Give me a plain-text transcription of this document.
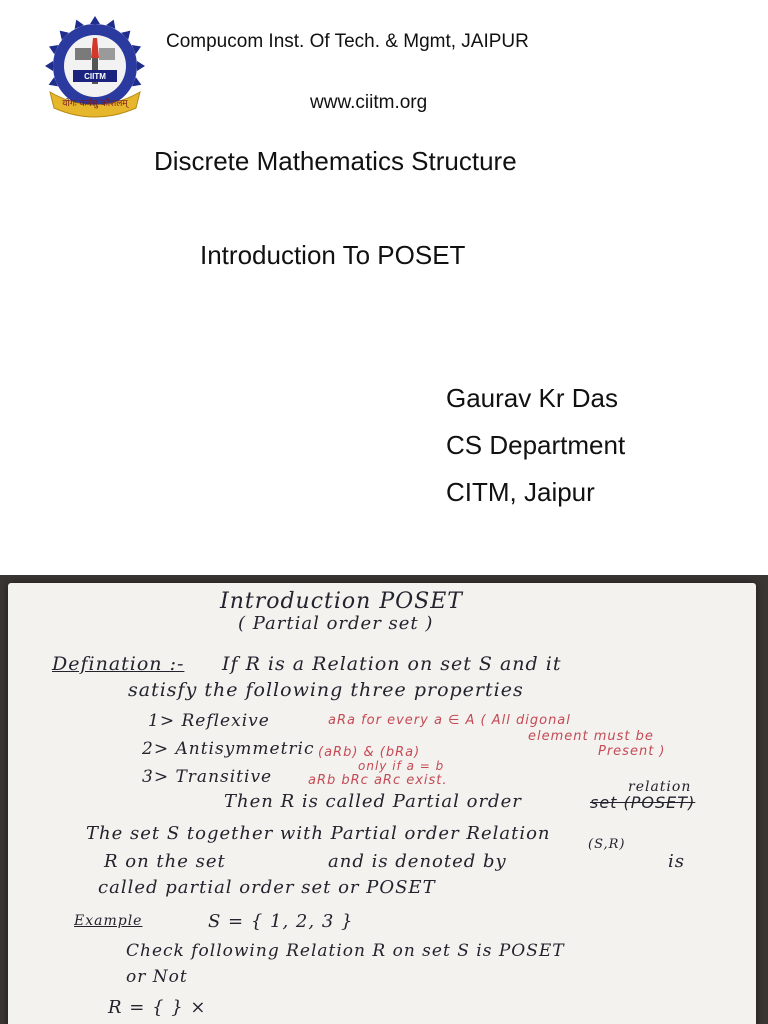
CIITM
योगः कर्मसु कौशलम्
Compucom Inst. Of Tech. & Mgmt, JAIPUR
www.ciitm.org
Discrete Mathematics Structure
Introduction To POSET
Gaurav Kr Das
CS Department
CITM, Jaipur
Introduction POSET
( Partial order set )
Defination :- If R is a Relation on set S and it
satisfy the following three properties
1> Reflexive	aRa for every a ∈ A ( All digonal
element must be
Present )
2> Antisymmetric (aRb) & (bRa)
only if a = b
3> Transitive	aRb bRc aRc exist.	relation
Then R is called Partial order	set (POSET)
The set S together with Partial order Relation
(S,R)
R on the set	and is denoted by	is
called partial order set or POSET
Example	S = { 1, 2, 3 }
Check following Relation R on set S is POSET
or Not
R = { } ×
